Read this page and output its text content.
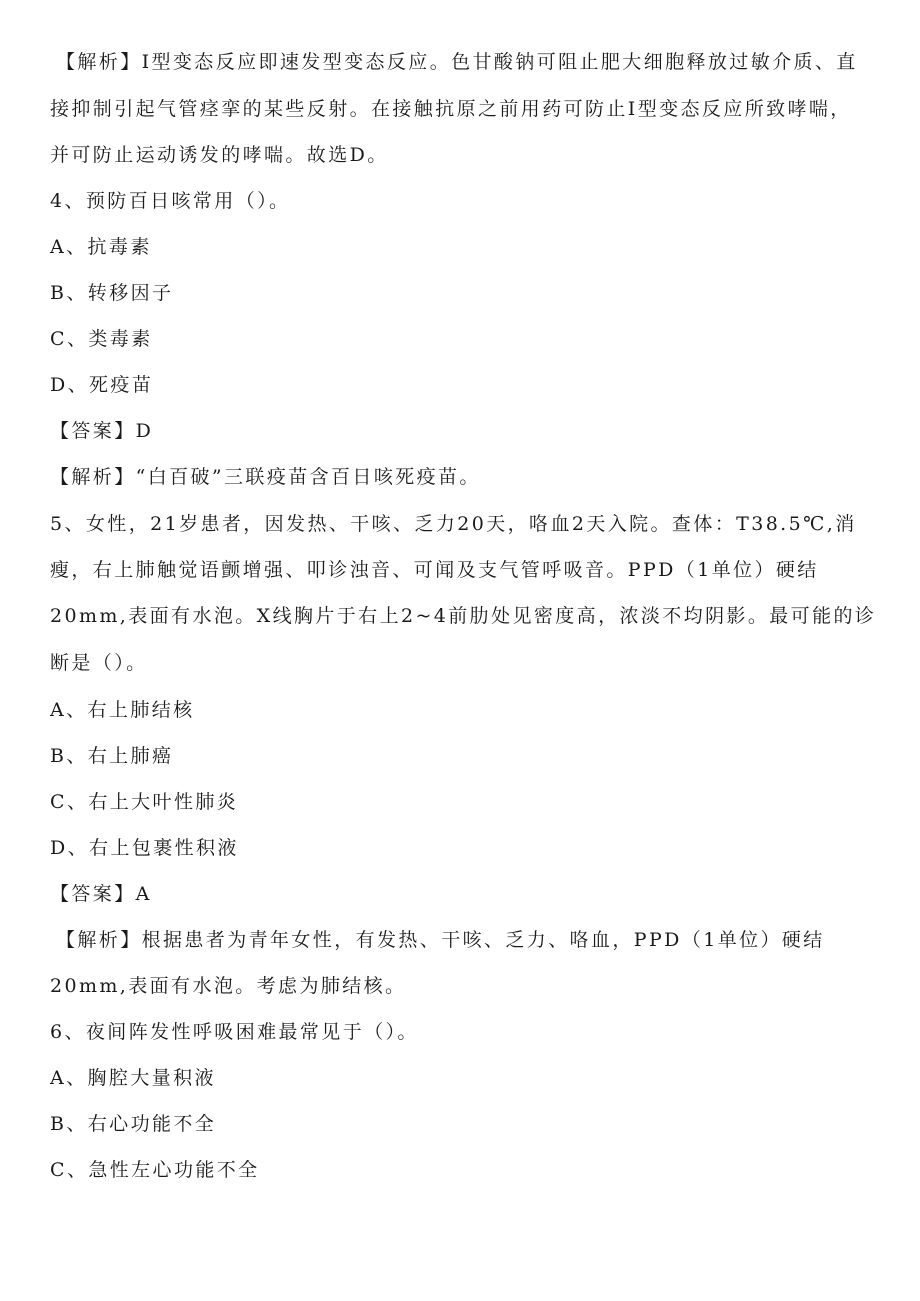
【解析】Ⅰ型变态反应即速发型变态反应。色甘酸钠可阻止肥大细胞释放过敏介质、直
接抑制引起气管痉挛的某些反射。在接触抗原之前用药可防止Ⅰ型变态反应所致哮喘，
并可防止运动诱发的哮喘。故选D。
4、预防百日咳常用（）。
A、抗毒素
B、转移因子
C、类毒素
D、死疫苗
【答案】D
【解析】“白百破”三联疫苗含百日咳死疫苗。
5、女性，21岁患者，因发热、干咳、乏力20天，咯血2天入院。查体：T38.5℃,消
瘦，右上肺触觉语颤增强、叩诊浊音、可闻及支气管呼吸音。PPD（1单位）硬结
20mm,表面有水泡。X线胸片于右上2~4前肋处见密度高，浓淡不均阴影。最可能的诊
断是（）。
A、右上肺结核
B、右上肺癌
C、右上大叶性肺炎
D、右上包裹性积液
【答案】A
【解析】根据患者为青年女性，有发热、干咳、乏力、咯血，PPD（1单位）硬结
20mm,表面有水泡。考虑为肺结核。
6、夜间阵发性呼吸困难最常见于（）。
A、胸腔大量积液
B、右心功能不全
C、急性左心功能不全
